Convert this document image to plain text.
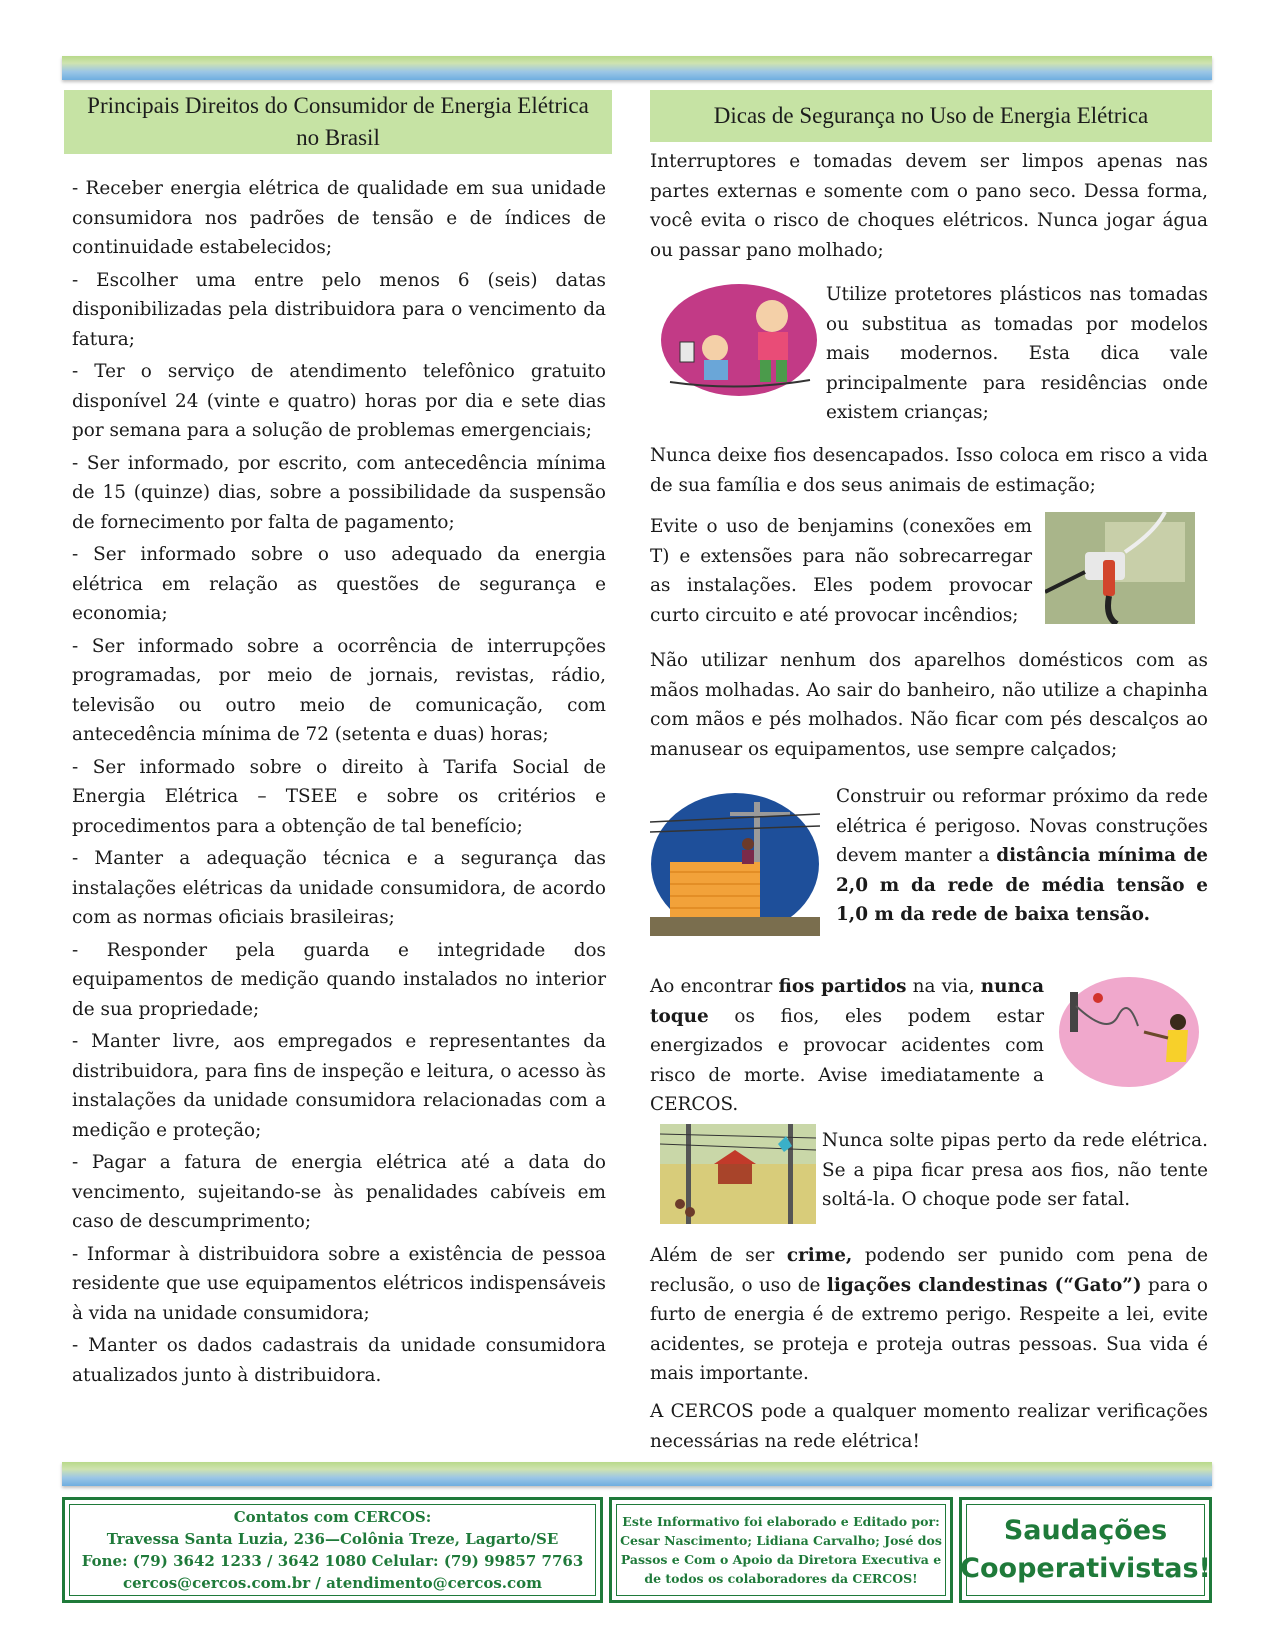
Principais Direitos do Consumidor de Energia Elétrica no Brasil
- Receber energia elétrica de qualidade em sua unidade consumidora nos padrões de tensão e de índices de continuidade estabelecidos;
- Escolher uma entre pelo menos 6 (seis) datas disponibilizadas pela distribuidora para o vencimento da fatura;
- Ter o serviço de atendimento telefônico gratuito disponível 24 (vinte e quatro) horas por dia e sete dias por semana para a solução de problemas emergenciais;
- Ser informado, por escrito, com antecedência mínima de 15 (quinze) dias, sobre a possibilidade da suspensão de fornecimento por falta de pagamento;
- Ser informado sobre o uso adequado da energia elétrica em relação as questões de segurança e economia;
- Ser informado sobre a ocorrência de interrupções programadas, por meio de jornais, revistas, rádio, televisão ou outro meio de comunicação, com antecedência mínima de 72 (setenta e duas) horas;
- Ser informado sobre o direito à Tarifa Social de Energia Elétrica – TSEE e sobre os critérios e procedimentos para a obtenção de tal benefício;
- Manter a adequação técnica e a segurança das instalações elétricas da unidade consumidora, de acordo com as normas oficiais brasileiras;
- Responder pela guarda e integridade dos equipamentos de medição quando instalados no interior de sua propriedade;
- Manter livre, aos empregados e representantes da distribuidora, para fins de inspeção e leitura, o acesso às instalações da unidade consumidora relacionadas com a medição e proteção;
- Pagar a fatura de energia elétrica até a data do vencimento, sujeitando-se às penalidades cabíveis em caso de descumprimento;
- Informar à distribuidora sobre a existência de pessoa residente que use equipamentos elétricos indispensáveis à vida na unidade consumidora;
- Manter os dados cadastrais da unidade consumidora atualizados junto à distribuidora.
Dicas de Segurança no Uso de Energia Elétrica

Interruptores e tomadas devem ser limpos apenas nas partes externas e somente com o pano seco. Dessa forma, você evita o risco de choques elétricos. Nunca jogar água ou passar pano molhado;

Utilize protetores plásticos nas tomadas ou substitua as tomadas por modelos mais modernos. Esta dica vale principalmente para residências onde existem crianças;

Nunca deixe fios desencapados. Isso coloca em risco a vida de sua família e dos seus animais de estimação;

Evite o uso de benjamins (conexões em T) e extensões para não sobrecarregar as instalações. Eles podem provocar curto circuito e até provocar incêndios;

Não utilizar nenhum dos aparelhos domésticos com as mãos molhadas. Ao sair do banheiro, não utilize a chapinha com mãos e pés molhados. Não ficar com pés descalços ao manusear os equipamentos, use sempre calçados;

Construir ou reformar próximo da rede elétrica é perigoso. Novas construções devem manter a distância mínima de 2,0 m da rede de média tensão e 1,0 m da rede de baixa tensão.

Ao encontrar fios partidos na via, nunca toque os fios, eles podem estar energizados e provocar acidentes com risco de morte. Avise imediatamente a CERCOS.

Nunca solte pipas perto da rede elétrica. Se a pipa ficar presa aos fios, não tente soltá-la. O choque pode ser fatal.

Além de ser crime, podendo ser punido com pena de reclusão, o uso de ligações clandestinas (“Gato”) para o furto de energia é de extremo perigo. Respeite a lei, evite acidentes, se proteja e proteja outras pessoas. Sua vida é mais importante.

A CERCOS pode a qualquer momento realizar verificações necessárias na rede elétrica!

Contatos com CERCOS:
Travessa Santa Luzia, 236—Colônia Treze, Lagarto/SE
Fone: (79) 3642 1233 / 3642 1080 Celular: (79) 99857 7763
cercos@cercos.com.br / atendimento@cercos.com
Este Informativo foi elaborado e Editado por:
Cesar Nascimento; Lidiana Carvalho; José dos
Passos e Com o Apoio da Diretora Executiva e
de todos os colaboradores da CERCOS!
Saudações
Cooperativistas!
